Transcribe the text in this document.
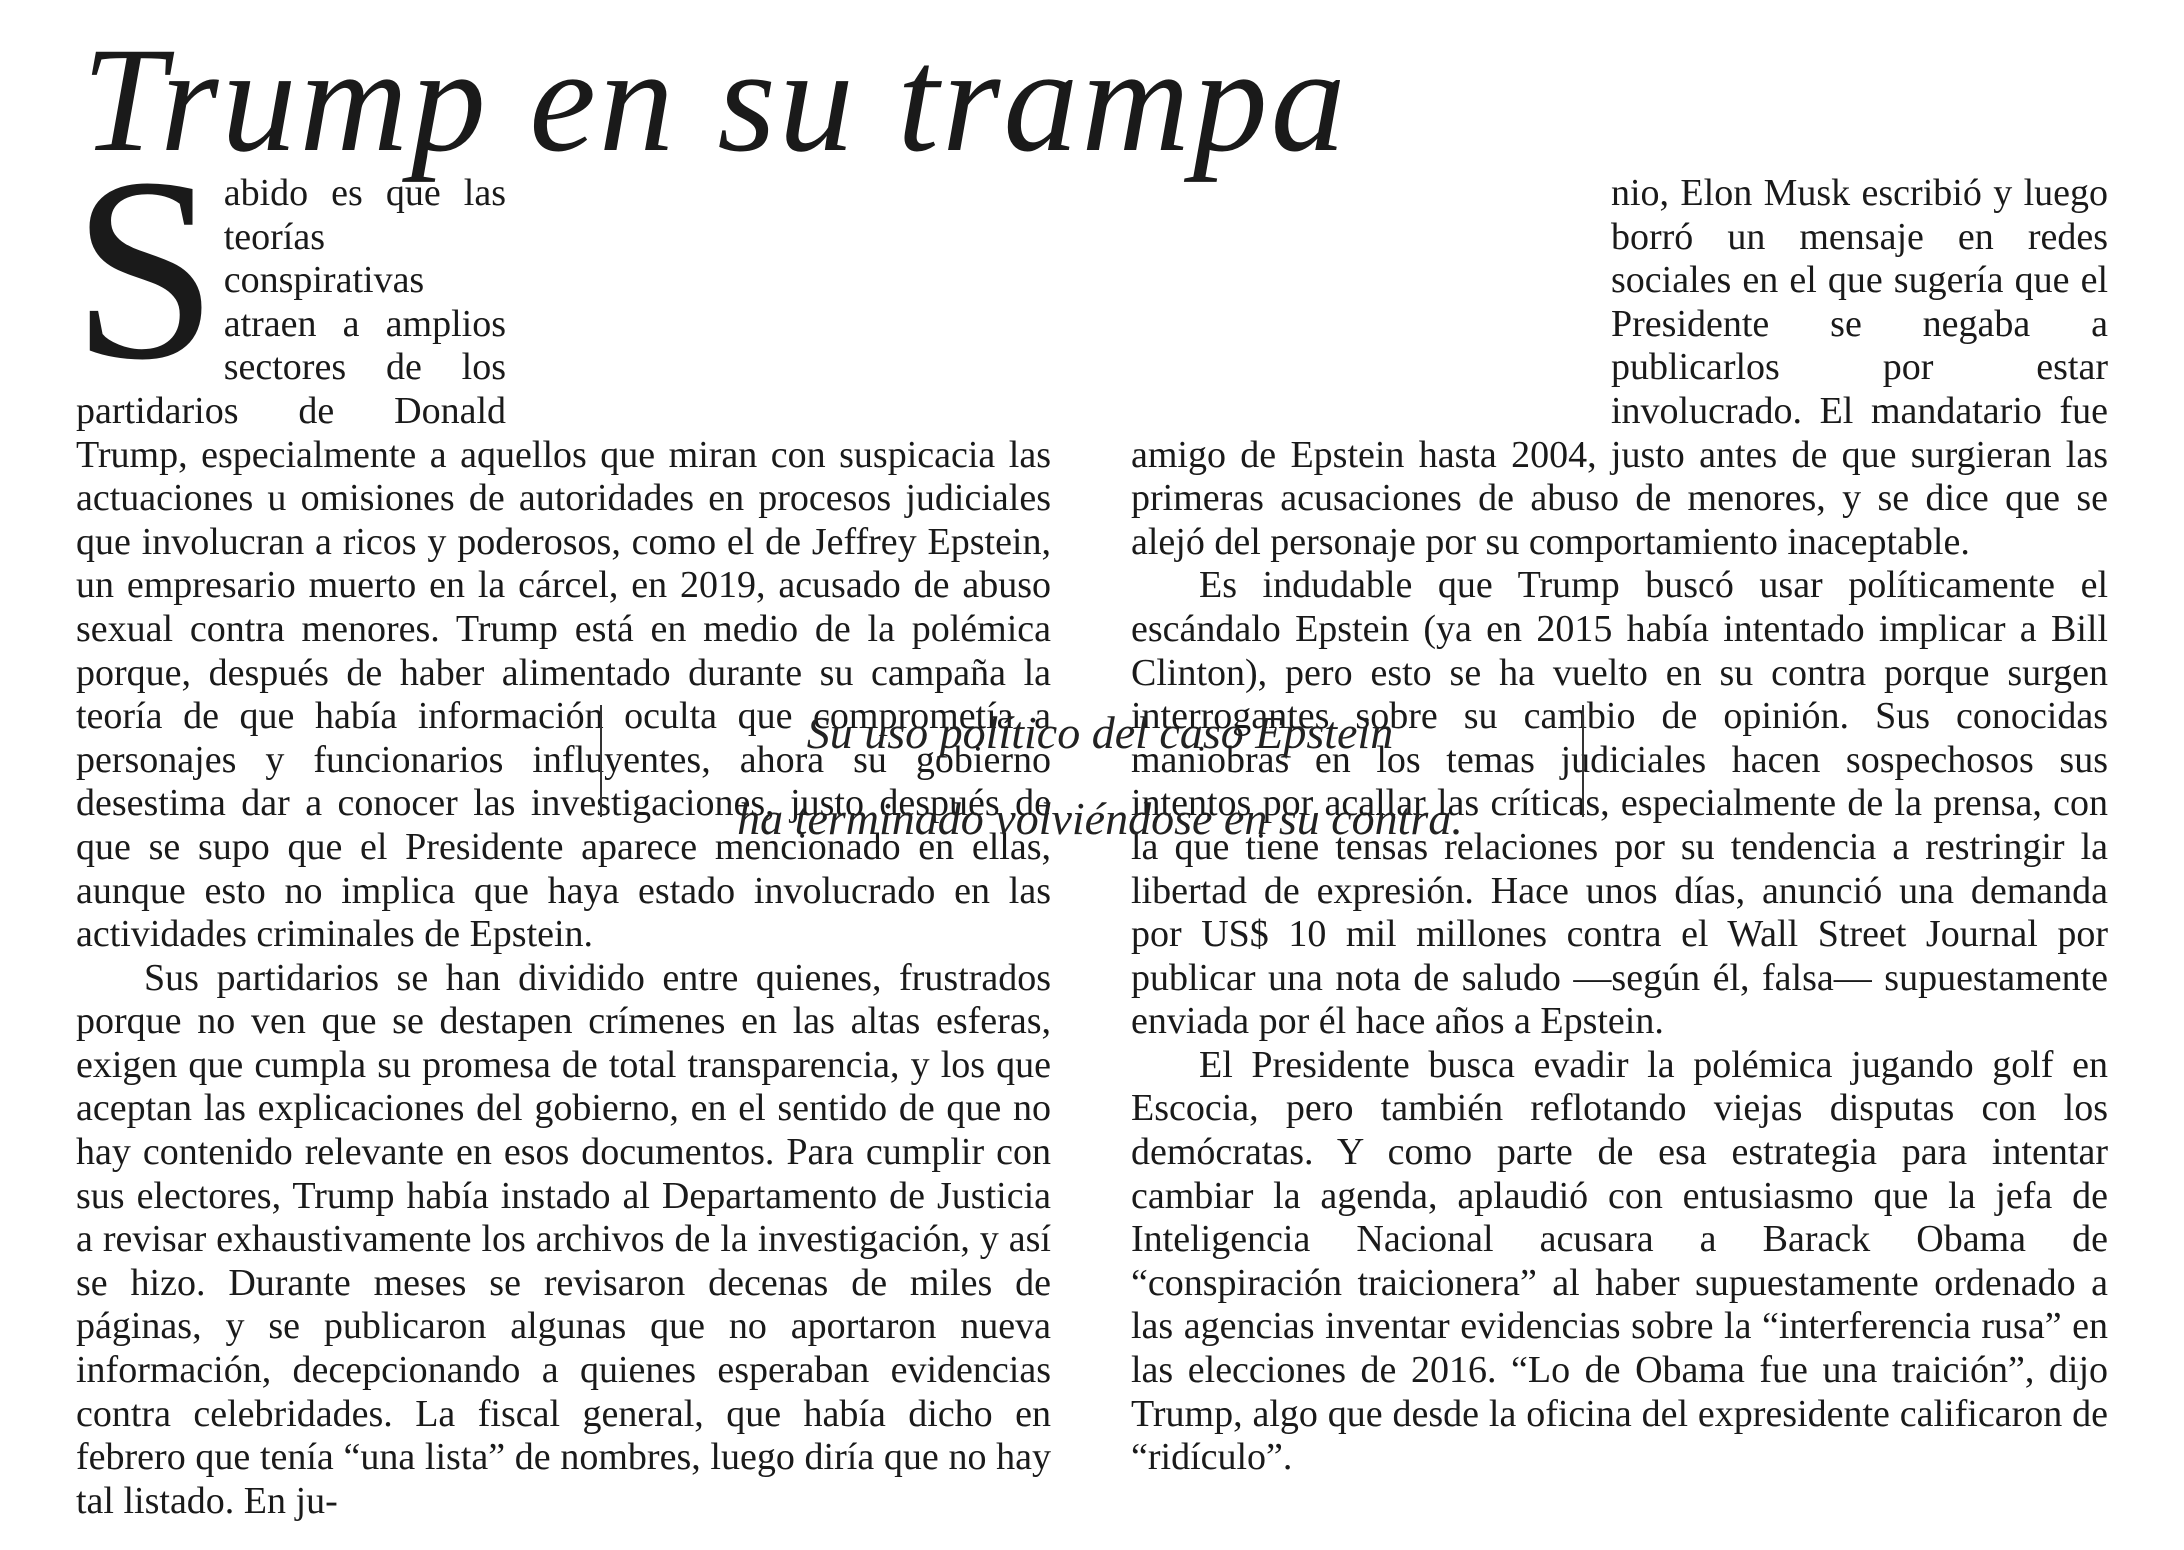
Trump en su trampa

Sabido es que las teorías conspirativas atraen a amplios sectores de los partidarios de Donald Trump, especialmente a aquellos que miran con suspicacia las actuaciones u omisiones de autoridades en procesos judiciales que involucran a ricos y poderosos, como el de Jeffrey Epstein, un empresario muerto en la cárcel, en 2019, acusado de abuso sexual contra menores. Trump está en medio de la polémica porque, después de haber alimentado durante su campaña la teoría de que había información oculta que comprometía a personajes y funcionarios influyentes, ahora su gobierno desestima dar a conocer las investigaciones, justo después de que se supo que el Presidente aparece mencionado en ellas, aunque esto no implica que haya estado involucrado en las actividades criminales de Epstein.

Sus partidarios se han dividido entre quienes, frustrados porque no ven que se destapen crímenes en las altas esferas, exigen que cumpla su promesa de total transparencia, y los que aceptan las explicaciones del gobierno, en el sentido de que no hay contenido relevante en esos documentos. Para cumplir con sus electores, Trump había instado al Departamento de Justicia a revisar exhaustivamente los archivos de la investigación, y así se hizo. Durante meses se revisaron decenas de miles de páginas, y se publicaron algunas que no aportaron nueva información, decepcionando a quienes esperaban evidencias contra celebridades. La fiscal general, que había dicho en febrero que tenía “una lista” de nombres, luego diría que no hay tal listado. En ju-

nio, Elon Musk escribió y luego borró un mensaje en redes sociales en el que sugería que el Presidente se negaba a publicarlos por estar involucrado. El mandatario fue amigo de Epstein hasta 2004, justo antes de que surgieran las primeras acusaciones de abuso de menores, y se dice que se alejó del personaje por su comportamiento inaceptable.

Es indudable que Trump buscó usar políticamente el escándalo Epstein (ya en 2015 había intentado implicar a Bill Clinton), pero esto se ha vuelto en su contra porque surgen interrogantes sobre su cambio de opinión. Sus conocidas maniobras en los temas judiciales hacen sospechosos sus intentos por acallar las críticas, especialmente de la prensa, con la que tiene tensas relaciones por su tendencia a restringir la libertad de expresión. Hace unos días, anunció una demanda por US$ 10 mil millones contra el Wall Street Journal por publicar una nota de saludo —según él, falsa— supuestamente enviada por él hace años a Epstein.

El Presidente busca evadir la polémica jugando golf en Escocia, pero también reflotando viejas disputas con los demócratas. Y como parte de esa estrategia para intentar cambiar la agenda, aplaudió con entusiasmo que la jefa de Inteligencia Nacional acusara a Barack Obama de “conspiración traicionera” al haber supuestamente ordenado a las agencias inventar evidencias sobre la “interferencia rusa” en las elecciones de 2016. “Lo de Obama fue una traición”, dijo Trump, algo que desde la oficina del expresidente calificaron de “ridículo”.

Su uso político del caso Epstein
ha terminado volviéndose en su contra.
